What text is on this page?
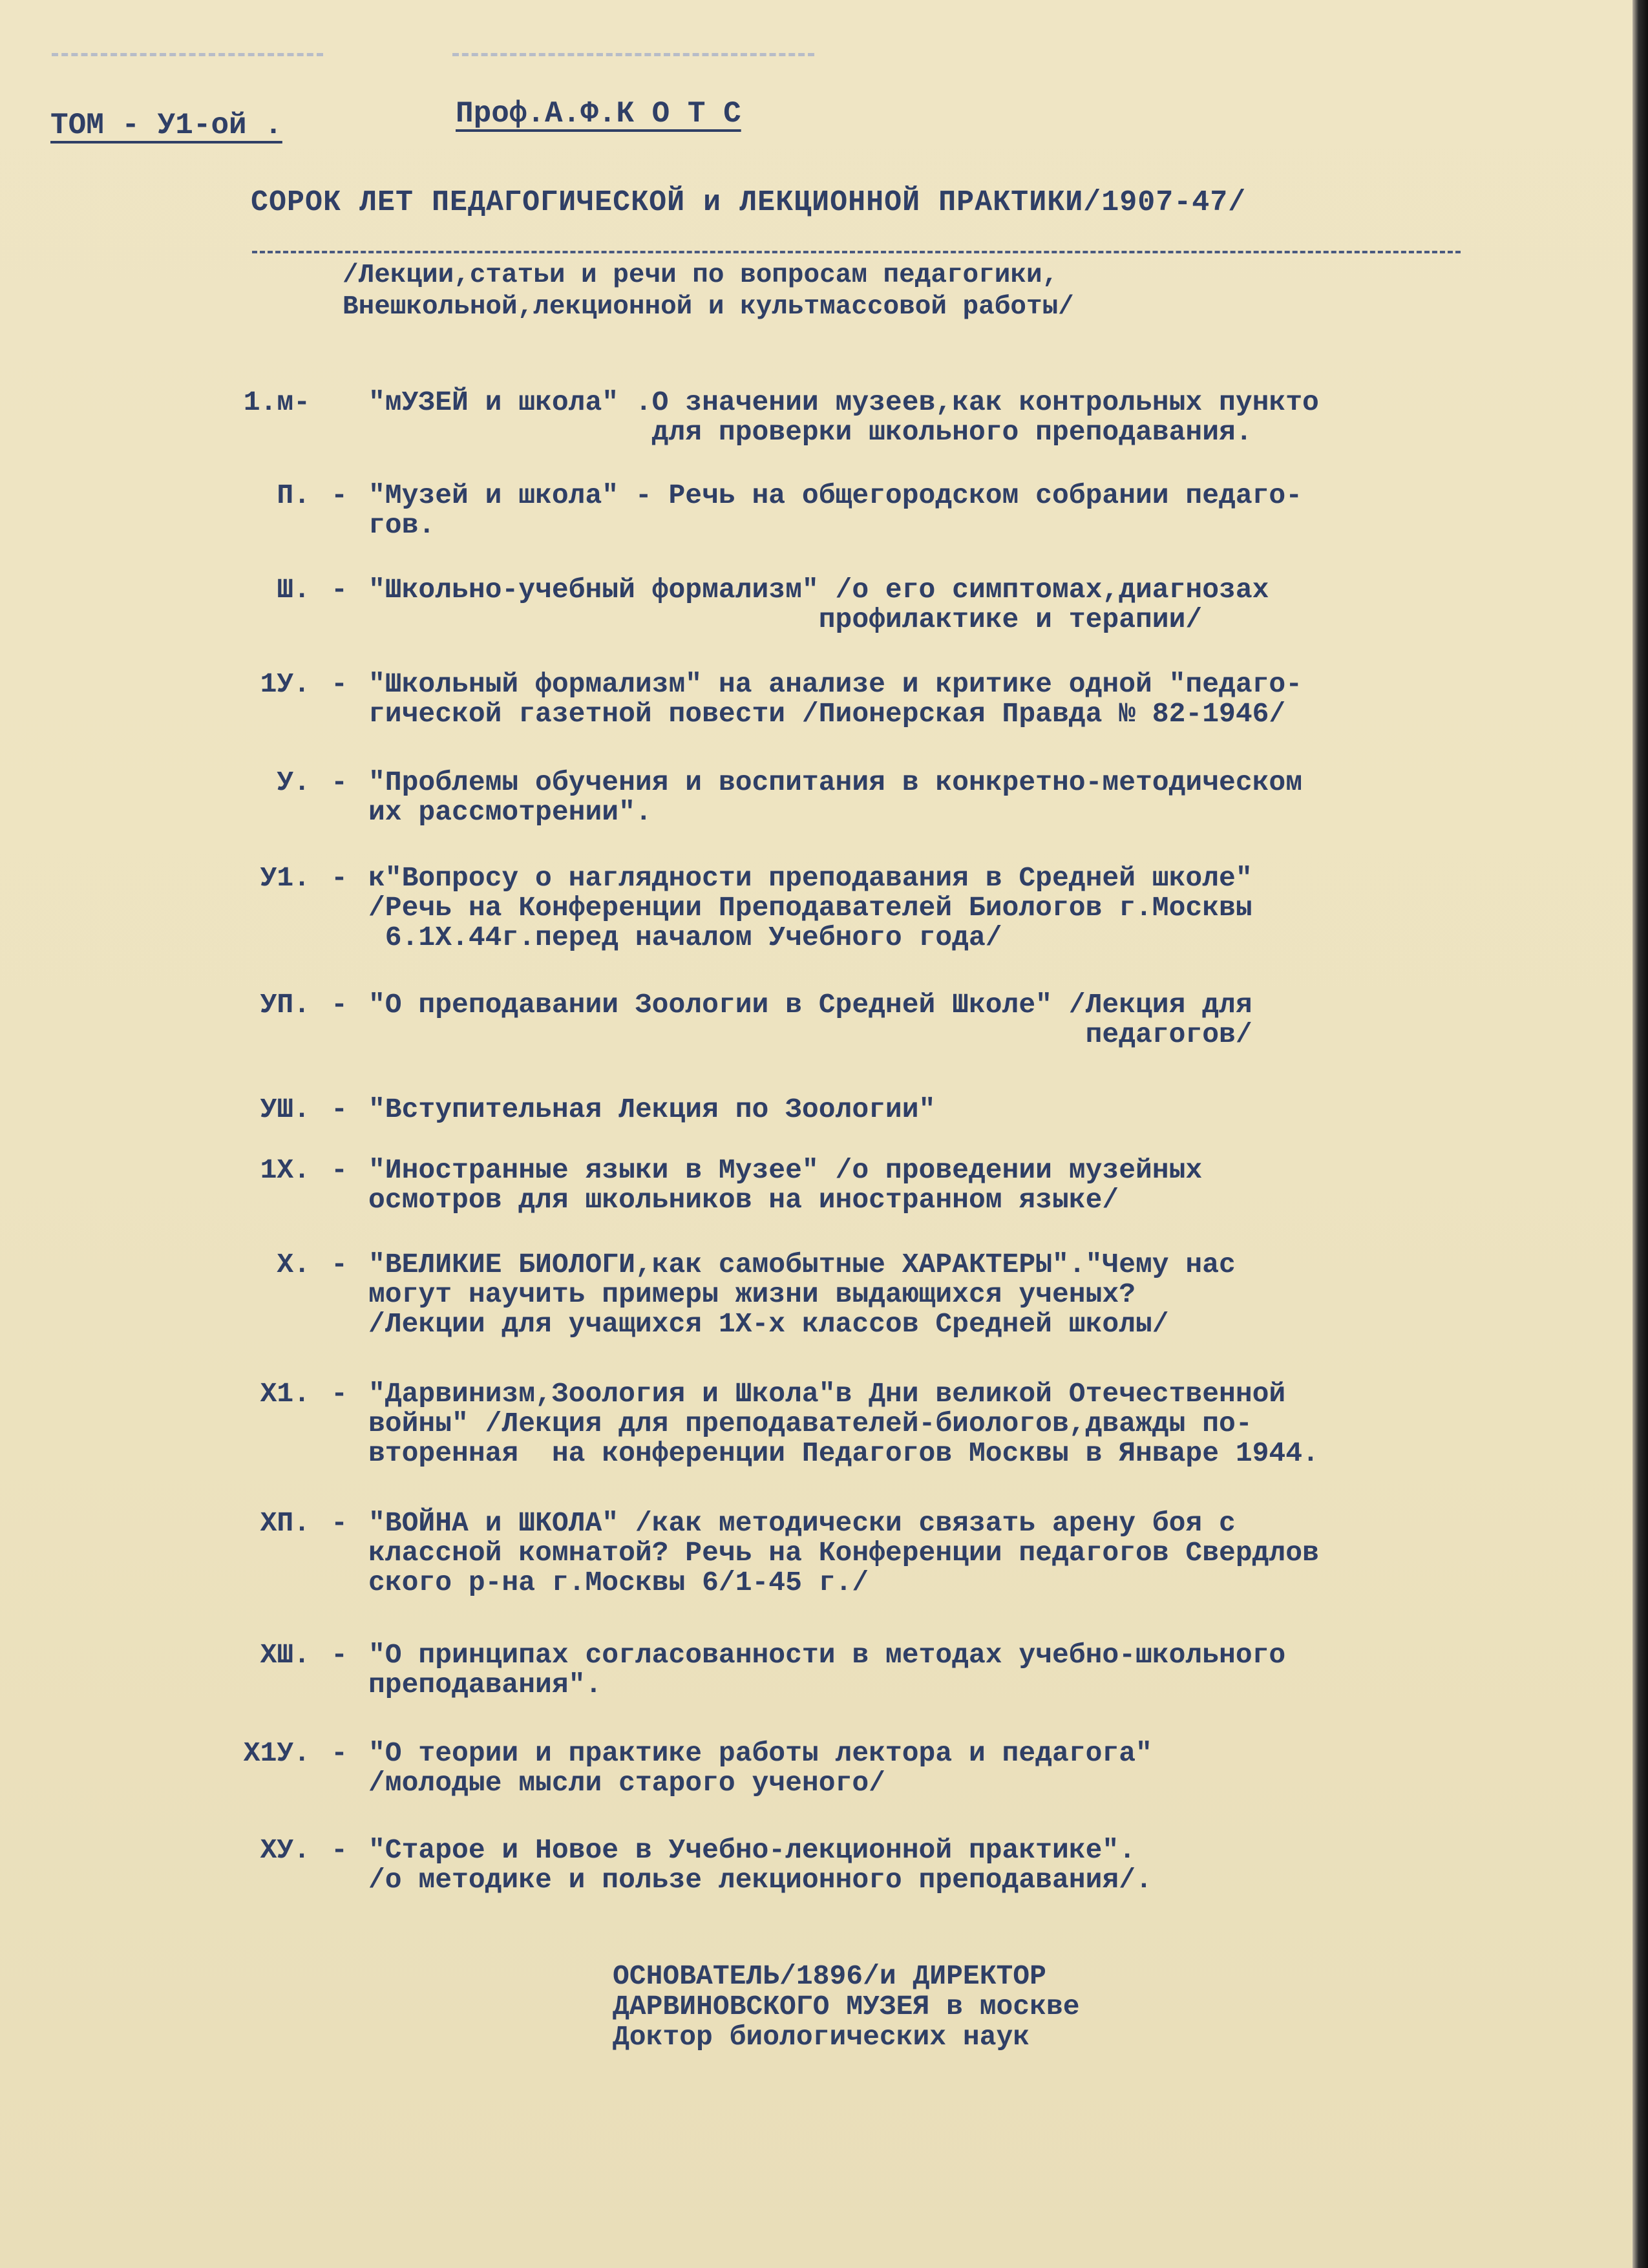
ТОМ - У1-ой .	Проф.А.Ф.К О Т С
СОРОК ЛЕТ ПЕДАГОГИЧЕСКОЙ и ЛЕКЦИОННОЙ ПРАКТИКИ/1907-47/
/Лекции,статьи и речи по вопросам педагогики,
Внешкольной,лекционной и культмассовой работы/
1.м- "мУЗЕЙ и школа" .О значении музеев,как контрольных пункто
для проверки школьного преподавания.
П. - "Музей и школа" - Речь на общегородском собрании педаго-
гов.
Ш. - "Школьно-учебный формализм" /о его симптомах,диагнозах
профилактике и терапии/
1У. - "Школьный формализм" на анализе и критике одной "педаго-
гической газетной повести /Пионерская Правда № 82-1946/
У. - "Проблемы обучения и воспитания в конкретно-методическом
их рассмотрении".
У1. - к"Вопросу о наглядности преподавания в Средней школе"
/Речь на Конференции Преподавателей Биологов г.Москвы
6.1Х.44г.перед началом Учебного года/
УП. - "О преподавании Зоологии в Средней Школе" /Лекция для
педагогов/
УШ. - "Вступительная Лекция по Зоологии"
1Х. - "Иностранные языки в Музее" /о проведении музейных
осмотров для школьников на иностранном языке/
Х. - "ВЕЛИКИЕ БИОЛОГИ,как самобытные ХАРАКТЕРЫ"."Чему нас
могут научить примеры жизни выдающихся ученых?
/Лекции для учащихся 1Х-х классов Средней школы/
Х1. - "Дарвинизм,Зоология и Школа"в Дни великой Отечественной
войны" /Лекция для преподавателей-биологов,дважды по-
вторенная  на конференции Педагогов Москвы в Январе 1944.
ХП. - "ВОЙНА и ШКОЛА" /как методически связать арену боя с
классной комнатой? Речь на Конференции педагогов Свердлов
ского р-на г.Москвы 6/1-45 г./
ХШ. - "О принципах согласованности в методах учебно-школьного
преподавания".
Х1У. - "О теории и практике работы лектора и педагога"
/молодые мысли старого ученого/
ХУ. - "Старое и Новое в Учебно-лекционной практике".
/о методике и пользе лекционного преподавания/.
ОСНОВАТЕЛЬ/1896/и ДИРЕКТОР
ДАРВИНОВСКОГО МУЗЕЯ в москве
Доктор биологических наук
